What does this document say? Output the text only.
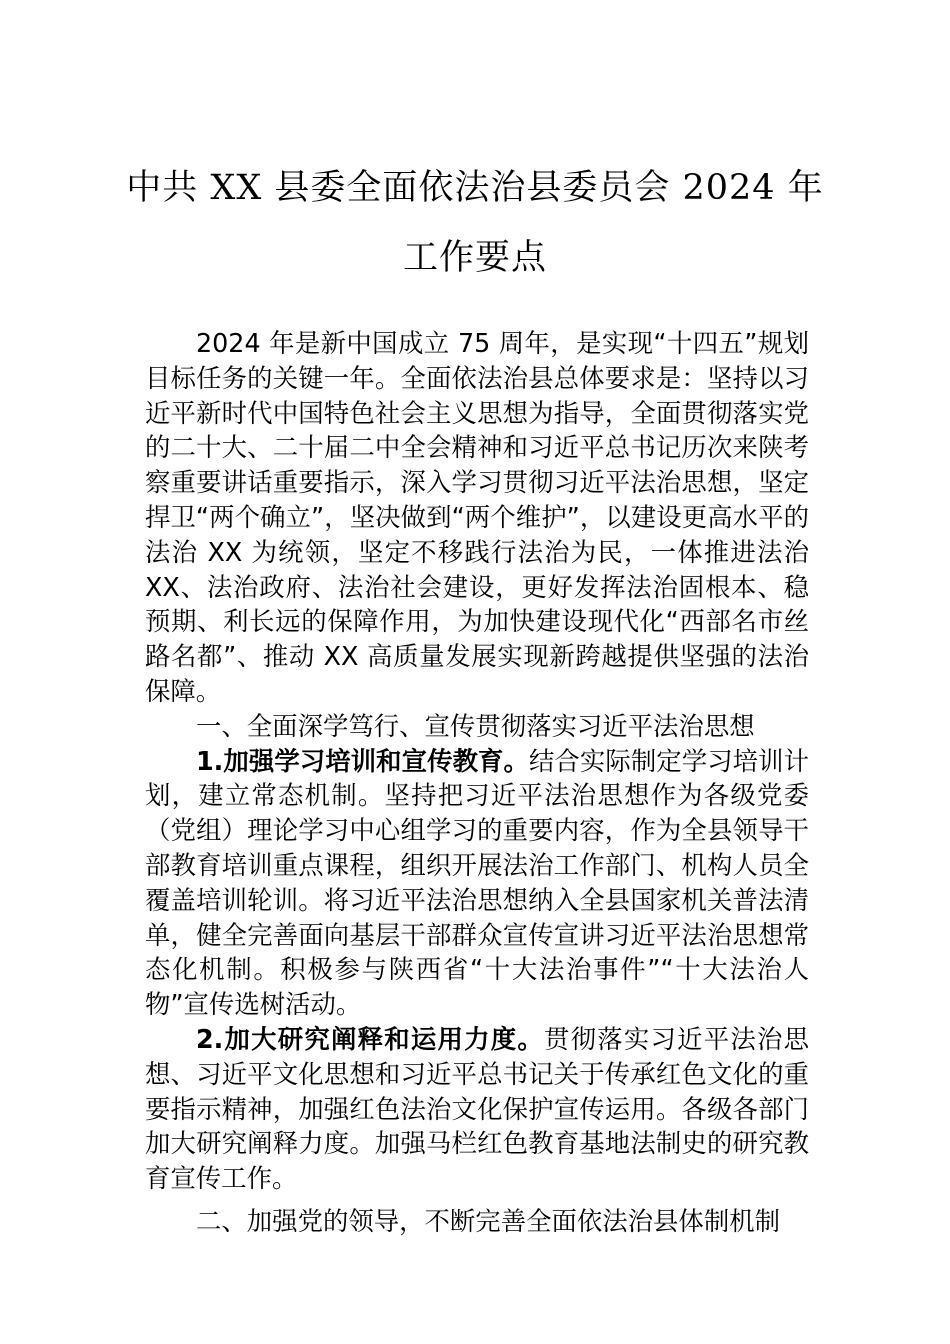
中共 XX 县委全面依法治县委员会 2024 年
工作要点

2024 年是新中国成立 75 周年，是实现“十四五”规划目标任务的关键一年。全面依法治县总体要求是：坚持以习近平新时代中国特色社会主义思想为指导，全面贯彻落实党的二十大、二十届二中全会精神和习近平总书记历次来陕考察重要讲话重要指示，深入学习贯彻习近平法治思想，坚定捍卫“两个确立”，坚决做到“两个维护”，以建设更高水平的法治 XX 为统领，坚定不移践行法治为民，一体推进法治 XX、法治政府、法治社会建设，更好发挥法治固根本、稳预期、利长远的保障作用，为加快建设现代化“西部名市丝路名都”、推动 XX 高质量发展实现新跨越提供坚强的法治保障。

一、全面深学笃行、宣传贯彻落实习近平法治思想

1.加强学习培训和宣传教育。结合实际制定学习培训计划，建立常态机制。坚持把习近平法治思想作为各级党委（党组）理论学习中心组学习的重要内容，作为全县领导干部教育培训重点课程，组织开展法治工作部门、机构人员全覆盖培训轮训。将习近平法治思想纳入全县国家机关普法清单，健全完善面向基层干部群众宣传宣讲习近平法治思想常态化机制。积极参与陕西省“十大法治事件”“十大法治人物”宣传选树活动。

2.加大研究阐释和运用力度。贯彻落实习近平法治思想、习近平文化思想和习近平总书记关于传承红色文化的重要指示精神，加强红色法治文化保护宣传运用。各级各部门加大研究阐释力度。加强马栏红色教育基地法制史的研究教育宣传工作。

二、加强党的领导，不断完善全面依法治县体制机制
